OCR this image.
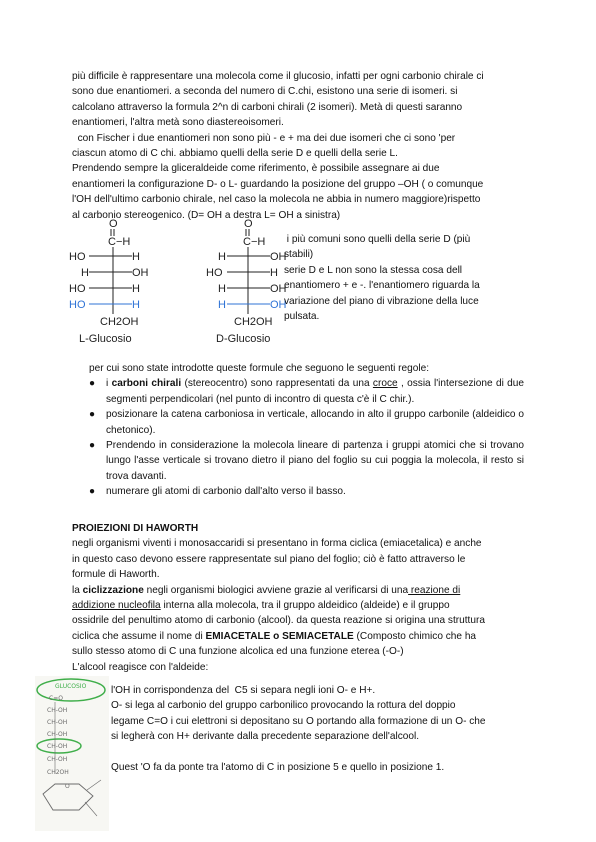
più difficile è rappresentare una molecola come il glucosio, infatti per ogni carbonio chirale ci
sono due enantiomeri. a seconda del numero di C.chi, esistono una serie di isomeri. si
calcolano attraverso la formula 2^n di carboni chirali (2 isomeri). Metà di questi saranno
enantiomeri, l'altra metà sono diastereoisomeri.
con Fischer i due enantiomeri non sono più - e + ma dei due isomeri che ci sono 'per
ciascun atomo di C chi. abbiamo quelli della serie D e quelli della serie L.
Prendendo sempre la gliceraldeide come riferimento, è possibile assegnare ai due
enantiomeri la configurazione D- o L- guardando la posizione del gruppo –OH ( o comunque
l'OH dell'ultimo carbonio chirale, nel caso la molecola ne abbia in numero maggiore)rispetto
al carbonio stereogenico. (D= OH a destra L= OH a sinistra)
O
C−H
HO	H
H	OH
HO	H
HO	H
CH2OH
L-Glucosio
O
C−H
H	OH
HO	H
H	OH
H	OH
CH2OH
D-Glucosio
i più comuni sono quelli della serie D (più
stabili)
serie D e L non sono la stessa cosa dell
enantiomero + e -. l'enantiomero riguarda la
variazione del piano di vibrazione della luce
pulsata.
per cui sono state introdotte queste formule che seguono le seguenti regole:
● i carboni chirali (stereocentro) sono rappresentati da una croce , ossia l'intersezione di due segmenti perpendicolari (nel punto di incontro di questa c'è il C chir.).
● posizionare la catena carboniosa in verticale, allocando in alto il gruppo carbonile (aldeidico o chetonico).
● Prendendo in considerazione la molecola lineare di partenza i gruppi atomici che si trovano lungo l'asse verticale si trovano dietro il piano del foglio su cui poggia la molecola, il resto si trova davanti.
● numerare gli atomi di carbonio dall'alto verso il basso.
PROIEZIONI DI HAWORTH
negli organismi viventi i monosaccaridi si presentano in forma ciclica (emiacetalica) e anche
in questo caso devono essere rappresentate sul piano del foglio; ciò è fatto attraverso le
formule di Haworth.
la ciclizzazione negli organismi biologici avviene grazie al verificarsi di una reazione di
addizione nucleofila interna alla molecola, tra il gruppo aldeidico (aldeide) e il gruppo
ossidrile del penultimo atomo di carbonio (alcool). da questa reazione si origina una struttura
ciclica che assume il nome di EMIACETALE o SEMIACETALE (Composto chimico che ha
sullo stesso atomo di C una funzione alcolica ed una funzione eterea (-O-)
L'alcool reagisce con l'aldeide:
GLUCOSIO
C=O
CH-OH
CH-OH
CH-OH
CH-OH
CH-OH
CH2OH
O
l'OH in corrispondenza del  C5 si separa negli ioni O- e H+.
O- si lega al carbonio del gruppo carbonilico provocando la rottura del doppio
legame C=O i cui elettroni si depositano su O portando alla formazione di un O- che
si legherà con H+ derivante dalla precedente separazione dell'alcool.
Quest 'O fa da ponte tra l'atomo di C in posizione 5 e quello in posizione 1.
